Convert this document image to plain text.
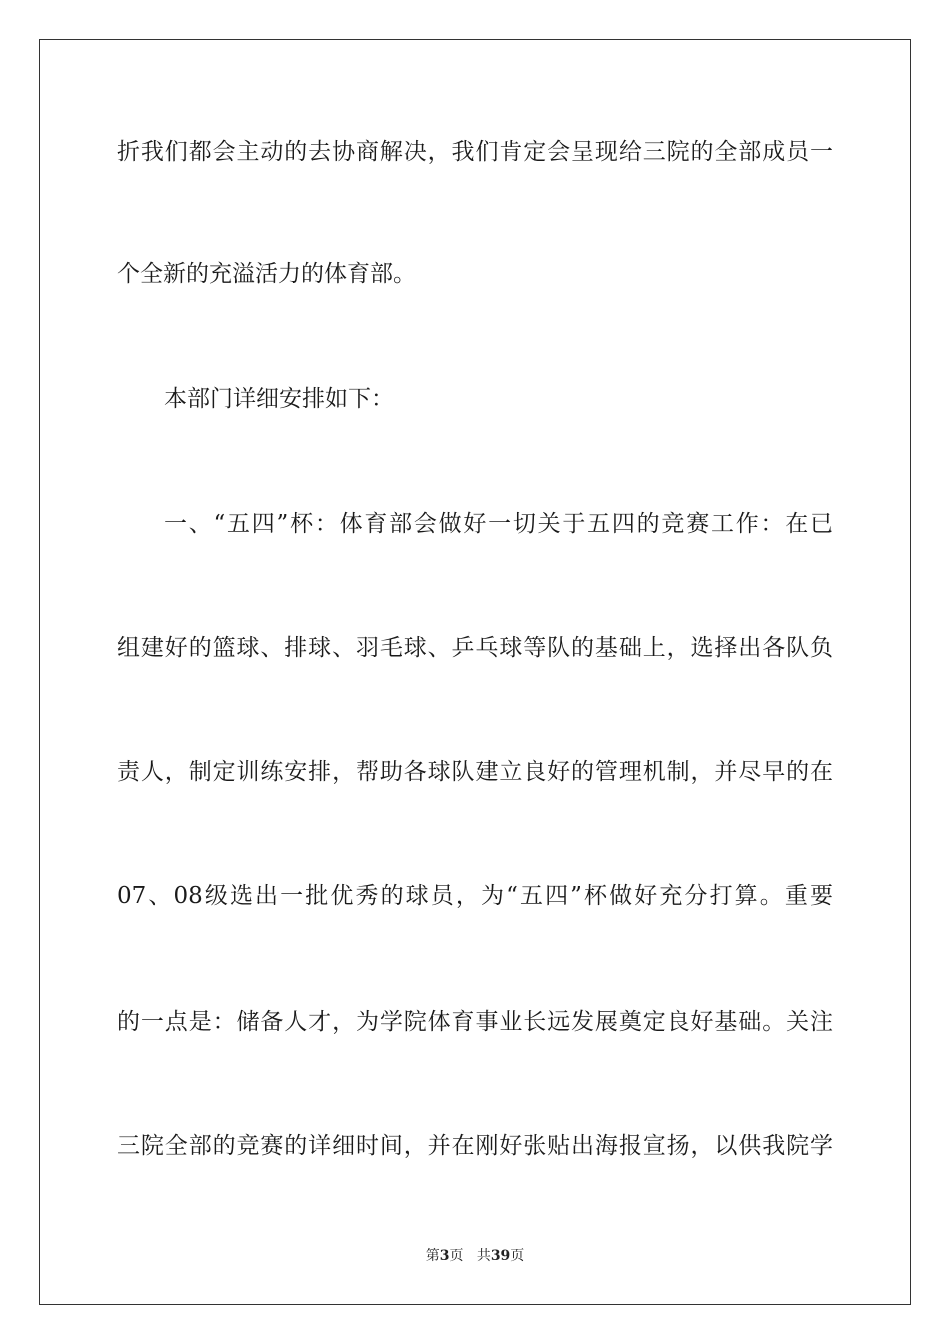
折我们都会主动的去协商解决，我们肯定会呈现给三院的全部成员一
个全新的充溢活力的体育部。
本部门详细安排如下：
一、“五四”杯：体育部会做好一切关于五四的竞赛工作：在已
组建好的篮球、排球、羽毛球、乒乓球等队的基础上，选择出各队负
责人，制定训练安排，帮助各球队建立良好的管理机制，并尽早的在
07、08级选出一批优秀的球员，为“五四”杯做好充分打算。重要
的一点是：储备人才，为学院体育事业长远发展奠定良好基础。关注
三院全部的竞赛的详细时间，并在刚好张贴出海报宣扬，以供我院学
第3页 共39页
